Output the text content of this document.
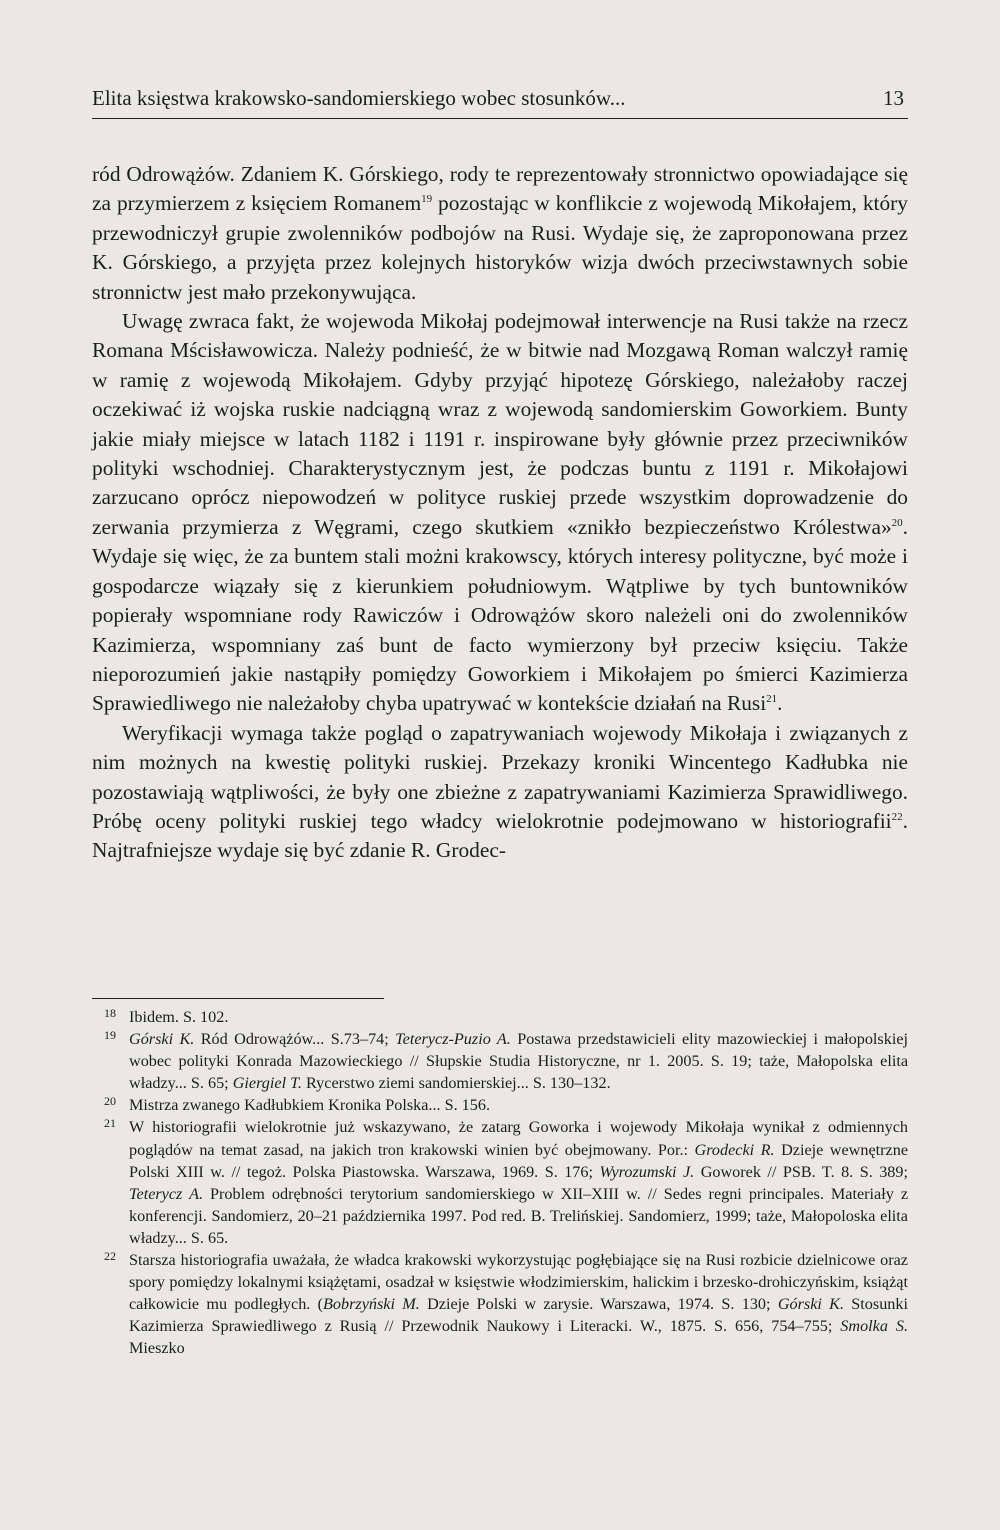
Elita księstwa krakowsko-sandomierskiego wobec stosunków...	13

ród Odrowążów. Zdaniem K. Górskiego, rody te reprezentowały stronnictwo opowiadające się za przymierzem z księciem Romanem$^{19}$ pozostając w konflikcie z wojewodą Mikołajem, który przewodniczył grupie zwolenników podbojów na Rusi. Wydaje się, że zaproponowana przez K. Górskiego, a przyjęta przez kolejnych historyków wizja dwóch przeciwstawnych sobie stronnictw jest mało przekonywująca.

Uwagę zwraca fakt, że wojewoda Mikołaj podejmował interwencje na Rusi także na rzecz Romana Mścisławowicza. Należy podnieść, że w bitwie nad Mozgawą Roman walczył ramię w ramię z wojewodą Mikołajem. Gdyby przyjąć hipotezę Górskiego, należałoby raczej oczekiwać iż wojska ruskie nadciągną wraz z wojewodą sandomierskim Goworkiem. Bunty jakie miały miejsce w latach 1182 i 1191 r. inspirowane były głównie przez przeciwników polityki wschodniej. Charakterystycznym jest, że podczas buntu z 1191 r. Mikołajowi zarzucano oprócz niepowodzeń w polityce ruskiej przede wszystkim doprowadzenie do zerwania przymierza z Węgrami, czego skutkiem «znikło bezpieczeństwo Królestwa»$^{20}$. Wydaje się więc, że za buntem stali możni krakowscy, których interesy polityczne, być może i gospodarcze wiązały się z kierunkiem południowym. Wątpliwe by tych buntowników popierały wspomniane rody Rawiczów i Odrowążów skoro należeli oni do zwolenników Kazimierza, wspomniany zaś bunt de facto wymierzony był przeciw księciu. Także nieporozumień jakie nastąpiły pomiędzy Goworkiem i Mikołajem po śmierci Kazimierza Sprawiedliwego nie należałoby chyba upatrywać w kontekście działań na Rusi$^{21}$.

Weryfikacji wymaga także pogląd o zapatrywaniach wojewody Mikołaja i związanych z nim możnych na kwestię polityki ruskiej. Przekazy kroniki Wincentego Kadłubka nie pozostawiają wątpliwości, że były one zbieżne z zapatrywaniami Kazimierza Sprawidliwego. Próbę oceny polityki ruskiej tego władcy wielokrotnie podejmowano w historiografii$^{22}$. Najtrafniejsze wydaje się być zdanie R. Grodec-

18 Ibidem. S. 102.
19 Górski K. Ród Odrowążów... S.73–74; Teterycz-Puzio A. Postawa przedstawicieli elity mazowieckiej i małopolskiej wobec polityki Konrada Mazowieckiego // Słupskie Studia Historyczne, nr 1. 2005. S. 19; taże, Małopolska elita władzy... S. 65; Giergiel T. Rycerstwo ziemi sandomierskiej... S. 130–132.
20 Mistrza zwanego Kadłubkiem Kronika Polska... S. 156.
21 W historiografii wielokrotnie już wskazywano, że zatarg Goworka i wojewody Mikołaja wynikał z odmiennych poglądów na temat zasad, na jakich tron krakowski winien być obejmowany. Por.: Grodecki R. Dzieje wewnętrzne Polski XIII w. // tegoż. Polska Piastowska. Warszawa, 1969. S. 176; Wyrozumski J. Goworek // PSB. T. 8. S. 389; Teterycz A. Problem odrębności terytorium sandomierskiego w XII–XIII w. // Sedes regni principales. Materiały z konferencji. Sandomierz, 20–21 października 1997. Pod red. B. Trelińskiej. Sandomierz, 1999; taże, Małopoloska elita władzy... S. 65.
22 Starsza historiografia uważała, że władca krakowski wykorzystując pogłębiające się na Rusi rozbicie dzielnicowe oraz spory pomiędzy lokalnymi książętami, osadzał w księstwie włodzimierskim, halickim i brzesko-drohiczyńskim, książąt całkowicie mu podległych. (Bobrzyński M. Dzieje Polski w zarysie. Warszawa, 1974. S. 130; Górski K. Stosunki Kazimierza Sprawiedliwego z Rusią // Przewodnik Naukowy i Literacki. W., 1875. S. 656, 754–755; Smolka S. Mieszko
